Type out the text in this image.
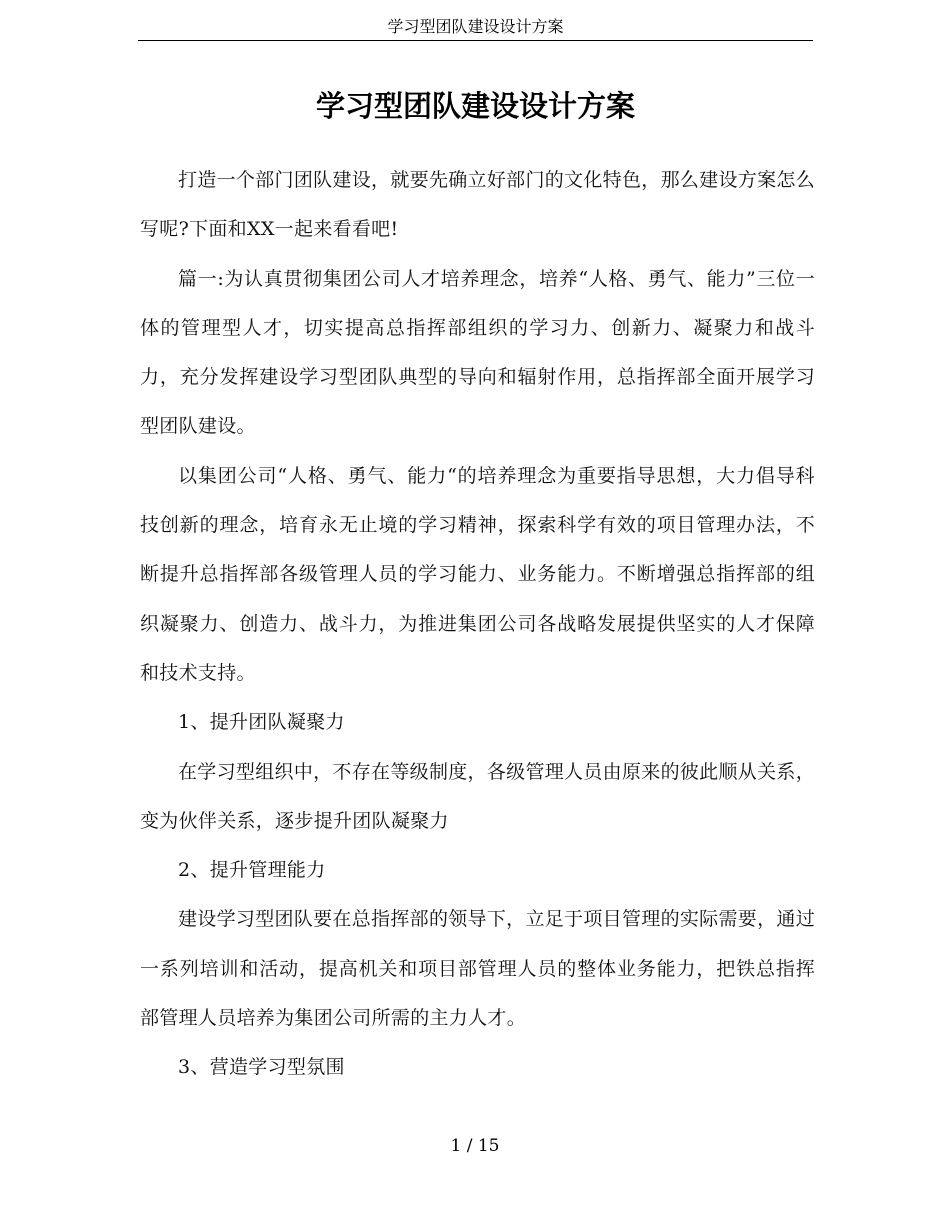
学习型团队建设设计方案
学习型团队建设设计方案

打造一个部门团队建设，就要先确立好部门的文化特色，那么建设方案怎么写呢?下面和XX一起来看看吧!

篇一:为认真贯彻集团公司人才培养理念，培养“人格、勇气、能力”三位一体的管理型人才，切实提高总指挥部组织的学习力、创新力、凝聚力和战斗力，充分发挥建设学习型团队典型的导向和辐射作用，总指挥部全面开展学习型团队建设。

以集团公司“人格、勇气、能力“的培养理念为重要指导思想，大力倡导科技创新的理念，培育永无止境的学习精神，探索科学有效的项目管理办法，不断提升总指挥部各级管理人员的学习能力、业务能力。不断增强总指挥部的组织凝聚力、创造力、战斗力，为推进集团公司各战略发展提供坚实的人才保障和技术支持。

1、提升团队凝聚力

在学习型组织中，不存在等级制度，各级管理人员由原来的彼此顺从关系，变为伙伴关系，逐步提升团队凝聚力

2、提升管理能力

建设学习型团队要在总指挥部的领导下，立足于项目管理的实际需要，通过一系列培训和活动，提高机关和项目部管理人员的整体业务能力，把铁总指挥部管理人员培养为集团公司所需的主力人才。

3、营造学习型氛围

1 / 15
